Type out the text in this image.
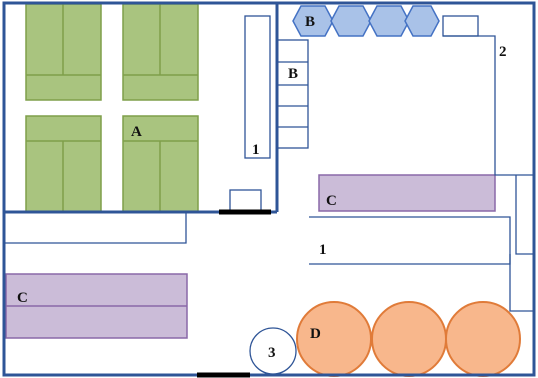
A
B
B
C
C
D
1
1
2
3
